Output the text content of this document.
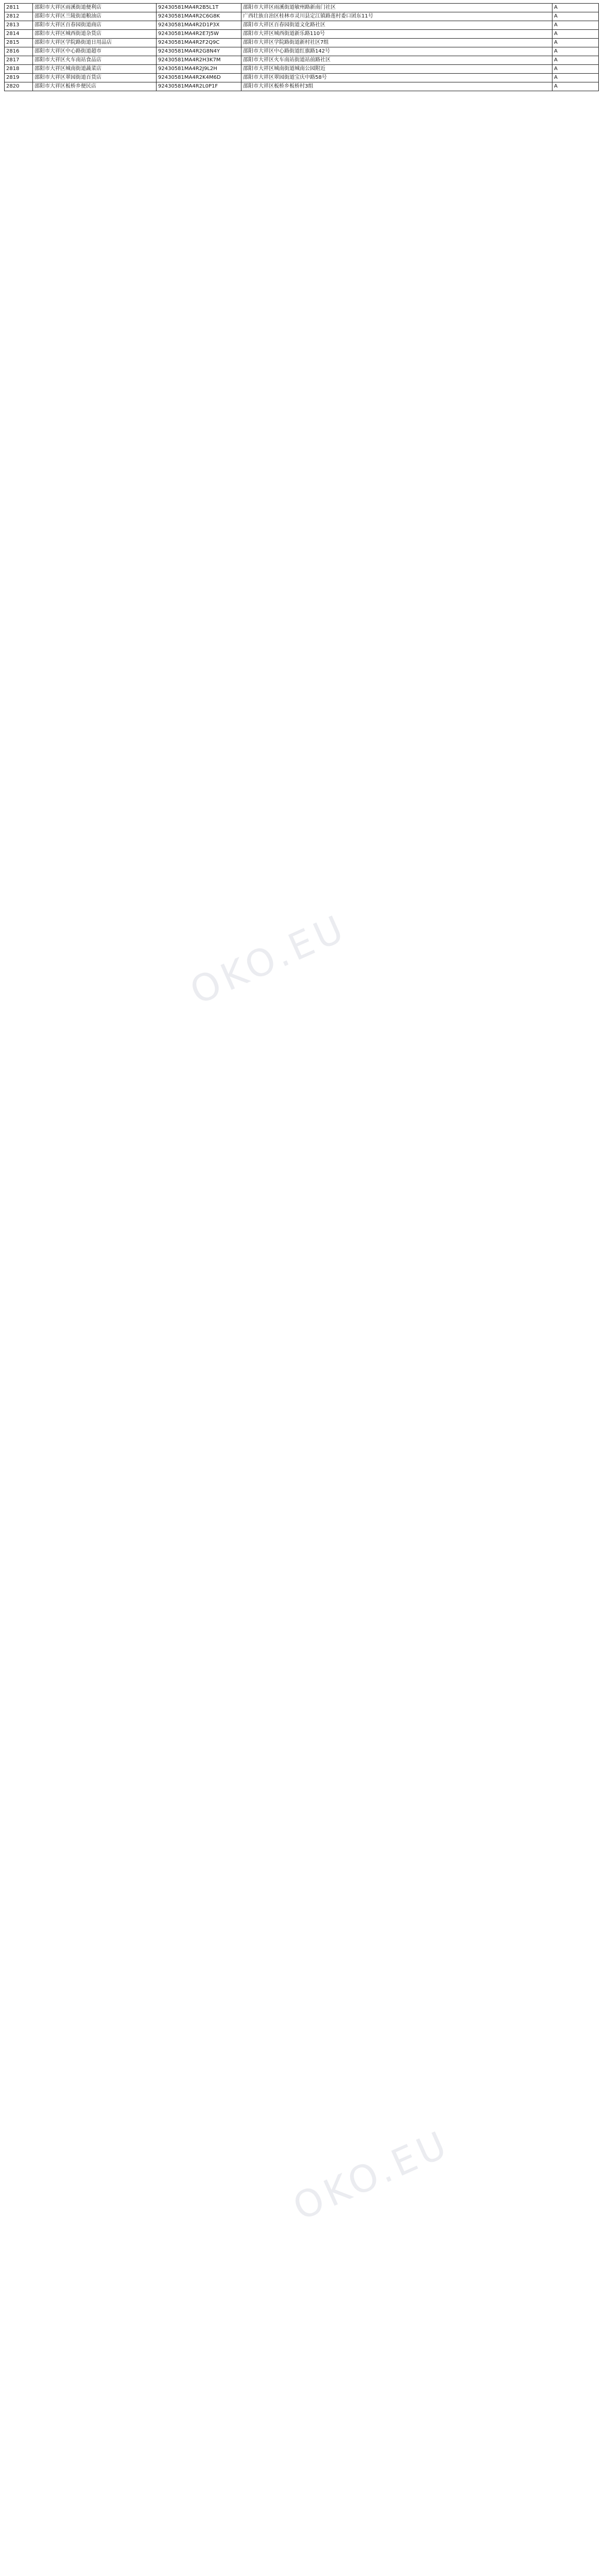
2811	邵阳市大祥区雨溪街道便利店	92430581MA4R2B5L1T	邵阳市大祥区雨溪街道敏州路新南门社区	A
2812	邵阳市大祥区兰陵街道粮油店	92430581MA4R2C6G8K	广西壮族自治区桂林市灵川县定江镇路莲村委口团东11号	A
2813	邵阳市大祥区百春园街道商店	92430581MA4R2D1P3X	邵阳市大祥区百春园街道文化路社区	A
2814	邵阳市大祥区城西街道杂货店	92430581MA4R2E7J5W	邵阳市大祥区城西街道新乐路110号	A
2815	邵阳市大祥区学院路街道日用品店	92430581MA4R2F2Q9C	邵阳市大祥区学院路街道新村社区7组	A
2816	邵阳市大祥区中心路街道超市	92430581MA4R2G8N4Y	邵阳市大祥区中心路街道红旗路142号	A
2817	邵阳市大祥区火车南站食品店	92430581MA4R2H3K7M	邵阳市大祥区火车南站街道站前路社区	A
2818	邵阳市大祥区城南街道蔬菜店	92430581MA4R2J9L2H	邵阳市大祥区城南街道城南公园附近	A
2819	邵阳市大祥区翠园街道百货店	92430581MA4R2K4M6D	邵阳市大祥区翠园街道宝庆中路58号	A
2820	邵阳市大祥区板桥乡便民店	92430581MA4R2L0P1F	邵阳市大祥区板桥乡板桥村3组	A
OKO.EU
OKO.EU
